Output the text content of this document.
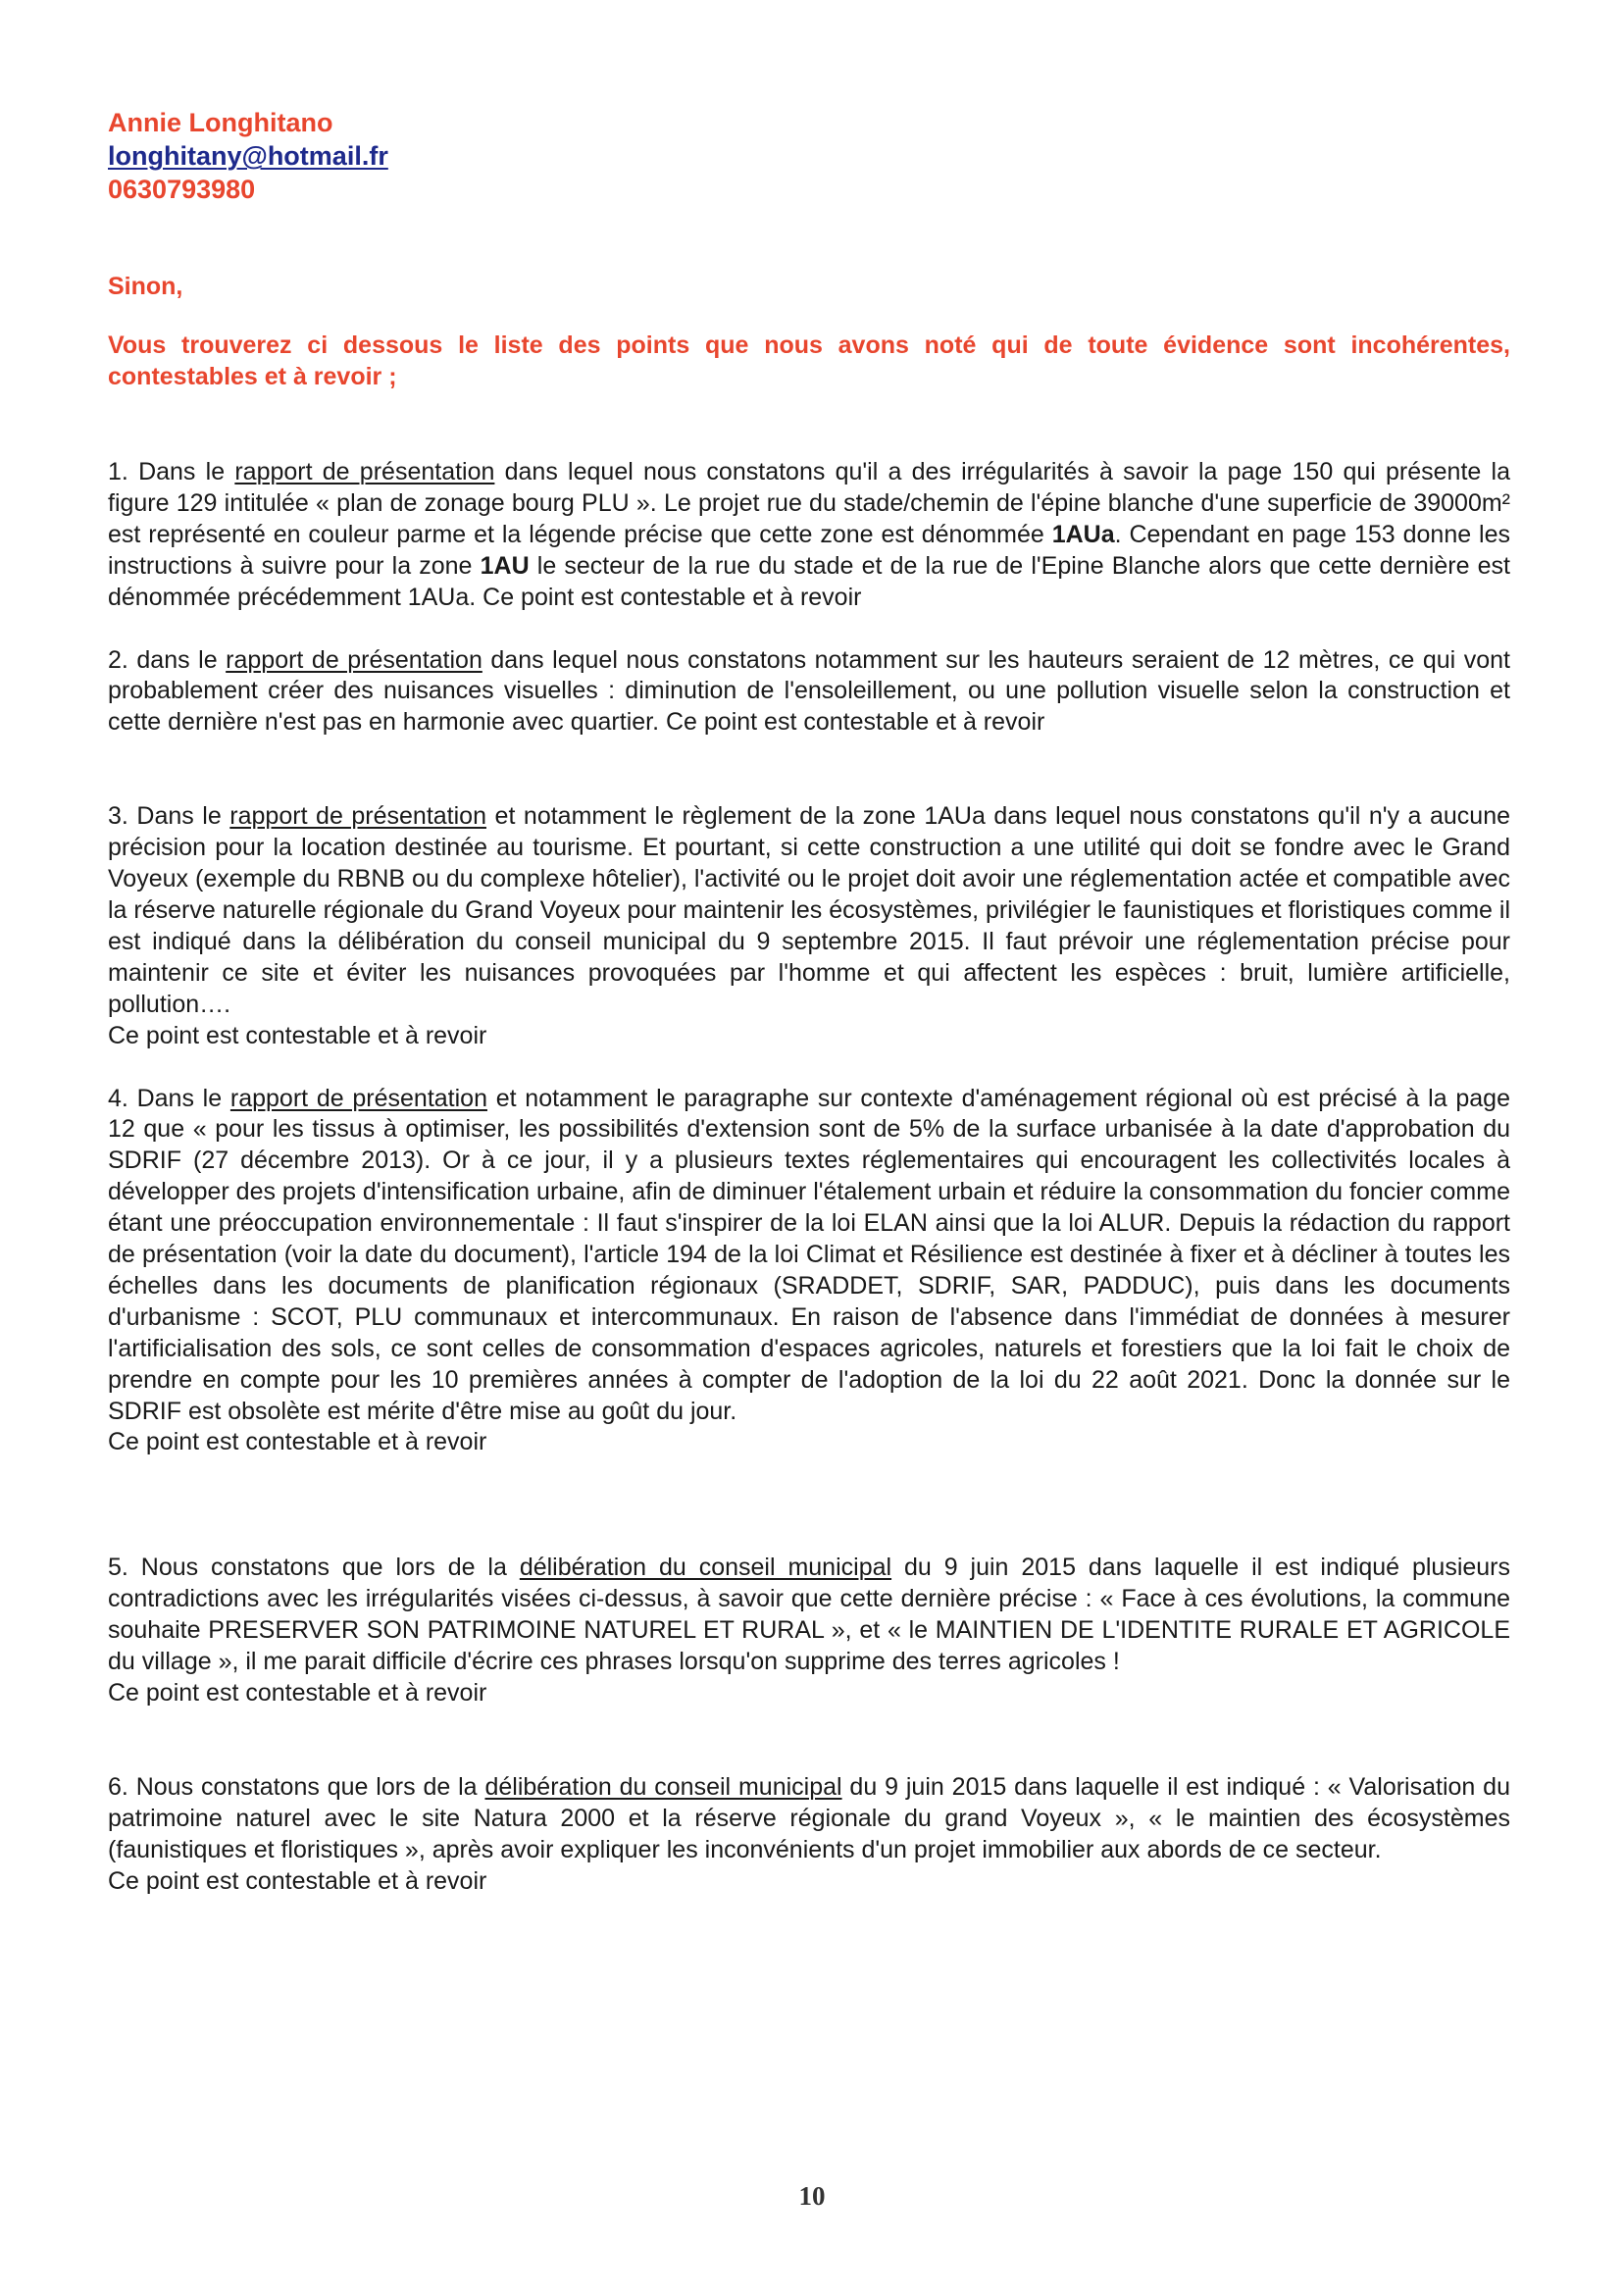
Annie Longhitano
longhitany@hotmail.fr
0630793980
Sinon,
Vous trouverez ci dessous le liste des points que nous avons noté qui de toute évidence sont incohérentes, contestables et à revoir ;
1. Dans le rapport de présentation dans lequel nous constatons qu'il a des irrégularités à savoir la page 150 qui présente la figure 129 intitulée « plan de zonage bourg PLU ». Le projet rue du stade/chemin de l'épine blanche d'une superficie de 39000m² est représenté en couleur parme et la légende précise que cette zone est dénommée 1AUa. Cependant en page 153 donne les instructions à suivre pour la zone 1AU le secteur de la rue du stade et de la rue de l'Epine Blanche alors que cette dernière est dénommée précédemment 1AUa. Ce point est contestable et à revoir
2. dans le rapport de présentation dans lequel nous constatons notamment sur les hauteurs seraient de 12 mètres, ce qui vont probablement créer des nuisances visuelles : diminution de l'ensoleillement, ou une pollution visuelle selon la construction et cette dernière n'est pas en harmonie avec quartier. Ce point est contestable et à revoir
3. Dans le rapport de présentation et notamment le règlement de la zone 1AUa dans lequel nous constatons qu'il n'y a aucune précision pour la location destinée au tourisme. Et pourtant, si cette construction a une utilité qui doit se fondre avec le Grand Voyeux (exemple du RBNB ou du complexe hôtelier), l'activité ou le projet doit avoir une réglementation actée et compatible avec la réserve naturelle régionale du Grand Voyeux pour maintenir les écosystèmes, privilégier le faunistiques et floristiques comme il est indiqué dans la délibération du conseil municipal du 9 septembre 2015. Il faut prévoir une réglementation précise pour maintenir ce site et éviter les nuisances provoquées par l'homme et qui affectent les espèces : bruit, lumière artificielle, pollution….
Ce point est contestable et à revoir
4. Dans le rapport de présentation et notamment le paragraphe sur contexte d'aménagement régional où est précisé à la page 12 que « pour les tissus à optimiser, les possibilités d'extension sont de 5% de la surface urbanisée à la date d'approbation du SDRIF (27 décembre 2013). Or à ce jour, il y a plusieurs textes réglementaires qui encouragent les collectivités locales à développer des projets d'intensification urbaine, afin de diminuer l'étalement urbain et réduire la consommation du foncier comme étant une préoccupation environnementale : Il faut s'inspirer de la loi ELAN ainsi que la loi ALUR. Depuis la rédaction du rapport de présentation (voir la date du document), l'article 194 de la loi Climat et Résilience est destinée à fixer et à décliner à toutes les échelles dans les documents de planification régionaux (SRADDET, SDRIF, SAR, PADDUC), puis dans les documents d'urbanisme : SCOT, PLU communaux et intercommunaux. En raison de l'absence dans l'immédiat de données à mesurer l'artificialisation des sols, ce sont celles de consommation d'espaces agricoles, naturels et forestiers que la loi fait le choix de prendre en compte pour les 10 premières années à compter de l'adoption de la loi du 22 août 2021. Donc la donnée sur le SDRIF est obsolète est mérite d'être mise au goût du jour.
Ce point est contestable et à revoir
5. Nous constatons que lors de la délibération du conseil municipal du 9 juin 2015 dans laquelle il est indiqué plusieurs contradictions avec les irrégularités visées ci-dessus, à savoir que cette dernière précise : « Face à ces évolutions, la commune souhaite PRESERVER SON PATRIMOINE NATUREL ET RURAL », et « le MAINTIEN DE L'IDENTITE RURALE ET AGRICOLE du village », il me parait difficile d'écrire ces phrases lorsqu'on supprime des terres agricoles !
Ce point est contestable et à revoir
6. Nous constatons que lors de la délibération du conseil municipal du 9 juin 2015 dans laquelle il est indiqué : « Valorisation du patrimoine naturel avec le site Natura 2000 et la réserve régionale du grand Voyeux », « le maintien des écosystèmes (faunistiques et floristiques », après avoir expliquer les inconvénients d'un projet immobilier aux abords de ce secteur.
Ce point est contestable et à revoir
10
